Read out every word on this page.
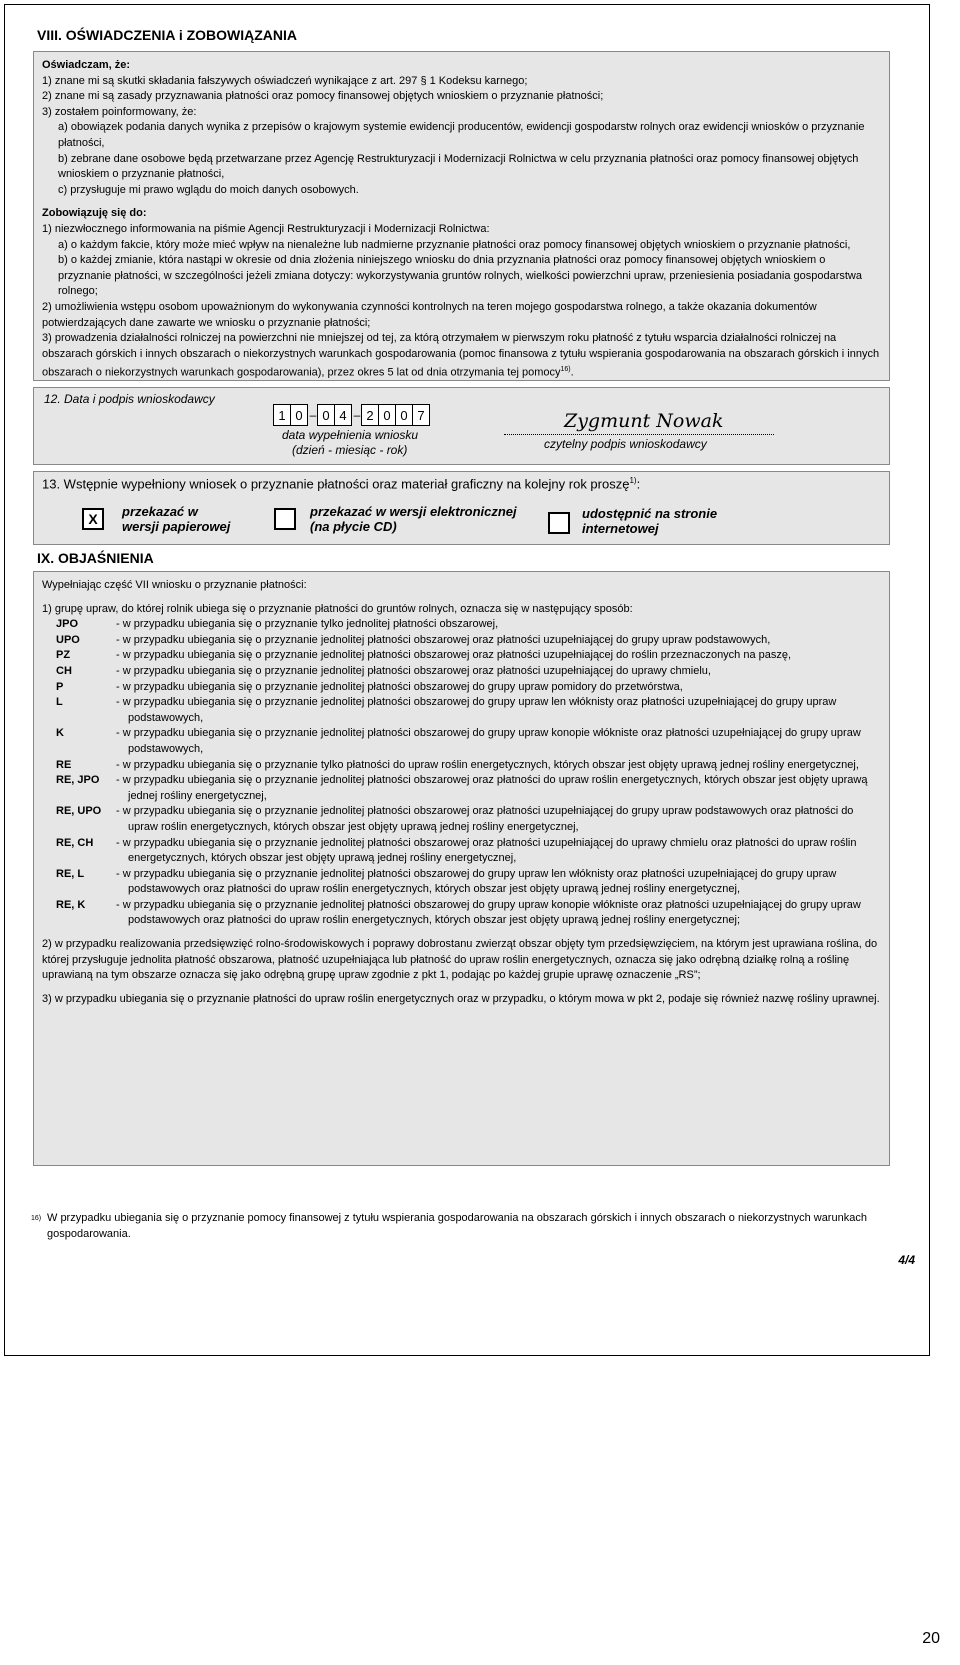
VIII. OŚWIADCZENIA i ZOBOWIĄZANIA
Oświadczam, że:
1) znane mi są skutki składania fałszywych oświadczeń wynikające z art. 297 § 1 Kodeksu karnego;
2) znane mi są zasady przyznawania płatności oraz pomocy finansowej objętych wnioskiem o przyznanie płatności;
3) zostałem poinformowany, że:
a) obowiązek podania danych wynika z przepisów o krajowym systemie ewidencji producentów, ewidencji gospodarstw rolnych oraz ewidencji wniosków o przyznanie płatności,
b) zebrane dane osobowe będą przetwarzane przez Agencję Restrukturyzacji i Modernizacji Rolnictwa w celu przyznania płatności oraz pomocy finansowej objętych wnioskiem o przyznanie płatności,
c) przysługuje mi prawo wglądu do moich danych osobowych.
Zobowiązuję się do:
1) niezwłocznego informowania na piśmie Agencji Restrukturyzacji i Modernizacji Rolnictwa:
a) o każdym fakcie, który może mieć wpływ na nienależne lub nadmierne przyznanie płatności oraz pomocy finansowej objętych wnioskiem o przyznanie płatności,
b) o każdej zmianie, która nastąpi w okresie od dnia złożenia niniejszego wniosku do dnia przyznania płatności oraz pomocy finansowej objętych wnioskiem o przyznanie płatności, w szczególności jeżeli zmiana dotyczy: wykorzystywania gruntów rolnych, wielkości powierzchni upraw, przeniesienia posiadania gospodarstwa rolnego;
2) umożliwienia wstępu osobom upoważnionym do wykonywania czynności kontrolnych na teren mojego gospodarstwa rolnego, a także okazania dokumentów potwierdzających dane zawarte we wniosku o przyznanie płatności;
3) prowadzenia działalności rolniczej na powierzchni nie mniejszej od tej, za którą otrzymałem w pierwszym roku płatność z tytułu wsparcia działalności rolniczej na obszarach górskich i innych obszarach o niekorzystnych warunkach gospodarowania (pomoc finansowa z tytułu wspierania gospodarowania na obszarach górskich i innych obszarach o niekorzystnych warunkach gospodarowania), przez okres 5 lat od dnia otrzymania tej pomocy$^{16)}$.
12. Data i podpis wnioskodawcy
1 0 – 0 4 – 2 0 0 7
data wypełnienia wniosku
(dzień - miesiąc - rok)
Zygmunt Nowak
czytelny podpis wnioskodawcy
13. Wstępnie wypełniony wniosek o przyznanie płatności oraz materiał graficzny na kolejny rok proszę$^{1)}$:
X	przekazać w
wersji papierowej
przekazać w wersji elektronicznej
(na płycie CD)
udostępnić na stronie
internetowej
IX. OBJAŚNIENIA
Wypełniając część VII wniosku o przyznanie płatności:
1) grupę upraw, do której rolnik ubiega się o przyznanie płatności do gruntów rolnych, oznacza się w następujący sposób:
JPO	- w przypadku ubiegania się o przyznanie tylko jednolitej płatności obszarowej,
UPO	- w przypadku ubiegania się o przyznanie jednolitej płatności obszarowej oraz płatności uzupełniającej do grupy upraw podstawowych,
PZ	- w przypadku ubiegania się o przyznanie jednolitej płatności obszarowej oraz płatności uzupełniającej do roślin przeznaczonych na paszę,
CH	- w przypadku ubiegania się o przyznanie jednolitej płatności obszarowej oraz płatności uzupełniającej do uprawy chmielu,
P	- w przypadku ubiegania się o przyznanie jednolitej płatności obszarowej do grupy upraw pomidory do przetwórstwa,
L	- w przypadku ubiegania się o przyznanie jednolitej płatności obszarowej do grupy upraw len włóknisty oraz płatności uzupełniającej do grupy upraw podstawowych,
K	- w przypadku ubiegania się o przyznanie jednolitej płatności obszarowej do grupy upraw konopie włókniste oraz płatności uzupełniającej do grupy upraw podstawowych,
RE	- w przypadku ubiegania się o przyznanie tylko płatności do upraw roślin energetycznych, których obszar jest objęty uprawą jednej rośliny energetycznej,
RE, JPO	- w przypadku ubiegania się o przyznanie jednolitej płatności obszarowej oraz płatności do upraw roślin energetycznych, których obszar jest objęty uprawą jednej rośliny energetycznej,
RE, UPO	- w przypadku ubiegania się o przyznanie jednolitej płatności obszarowej oraz płatności uzupełniającej do grupy upraw podstawowych oraz płatności do upraw roślin energetycznych, których obszar jest objęty uprawą jednej rośliny energetycznej,
RE, CH	- w przypadku ubiegania się o przyznanie jednolitej płatności obszarowej oraz płatności uzupełniającej do uprawy chmielu oraz płatności do upraw roślin energetycznych, których obszar jest objęty uprawą jednej rośliny energetycznej,
RE, L	- w przypadku ubiegania się o przyznanie jednolitej płatności obszarowej do grupy upraw len włóknisty oraz płatności uzupełniającej do grupy upraw podstawowych oraz płatności do upraw roślin energetycznych, których obszar jest objęty uprawą jednej rośliny energetycznej,
RE, K	- w przypadku ubiegania się o przyznanie jednolitej płatności obszarowej do grupy upraw konopie włókniste oraz płatności uzupełniającej do grupy upraw podstawowych oraz płatności do upraw roślin energetycznych, których obszar jest objęty uprawą jednej rośliny energetycznej;
2) w przypadku realizowania przedsięwzięć rolno-środowiskowych i poprawy dobrostanu zwierząt obszar objęty tym przedsięwzięciem, na którym jest uprawiana roślina, do której przysługuje jednolita płatność obszarowa, płatność uzupełniająca lub płatność do upraw roślin energetycznych, oznacza się jako odrębną działkę rolną a roślinę uprawianą na tym obszarze oznacza się jako odrębną grupę upraw zgodnie z pkt 1, podając po każdej grupie uprawę oznaczenie „RS”;
3) w przypadku ubiegania się o przyznanie płatności do upraw roślin energetycznych oraz w przypadku, o którym mowa w pkt 2, podaje się również nazwę rośliny uprawnej.
16) W przypadku ubiegania się o przyznanie pomocy finansowej z tytułu wspierania gospodarowania na obszarach górskich i innych obszarach o niekorzystnych warunkach gospodarowania.
4/4
20
